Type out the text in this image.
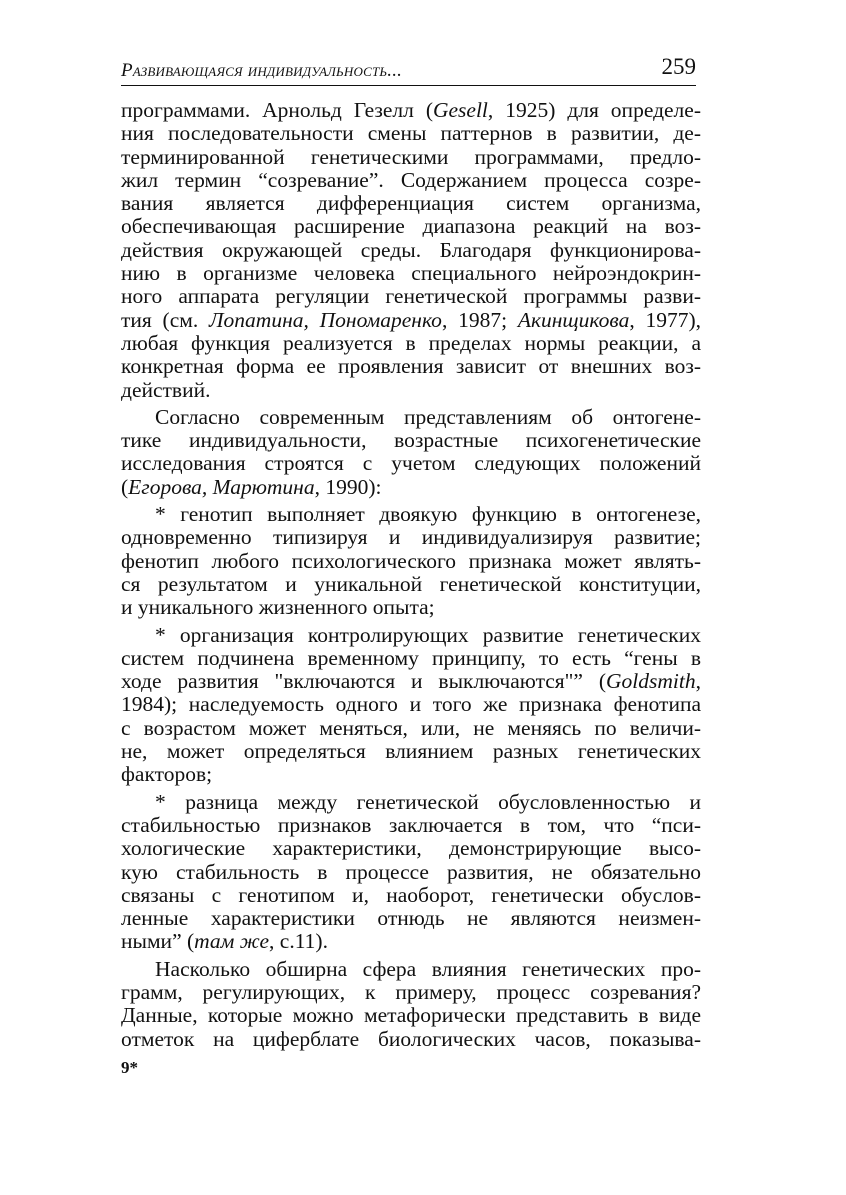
Развивающаяся индивидуальность...	259
программами. Арнольд Гезелл (Gesell, 1925) для определе-
ния последовательности смены паттернов в развитии, де-
терминированной генетическими программами, предло-
жил термин “созревание”. Содержанием процесса созре-
вания является дифференциация систем организма,
обеспечивающая расширение диапазона реакций на воз-
действия окружающей среды. Благодаря функционирова-
нию в организме человека специального нейроэндокрин-
ного аппарата регуляции генетической программы разви-
тия (см. Лопатина, Пономаренко, 1987; Акинщикова, 1977),
любая функция реализуется в пределах нормы реакции, а
конкретная форма ее проявления зависит от внешних воз-
действий.
Согласно современным представлениям об онтогене-
тике индивидуальности, возрастные психогенетические
исследования строятся с учетом следующих положений
(Егорова, Марютина, 1990):
* генотип выполняет двоякую функцию в онтогенезе,
одновременно типизируя и индивидуализируя развитие;
фенотип любого психологического признака может являть-
ся результатом и уникальной генетической конституции,
и уникального жизненного опыта;
* организация контролирующих развитие генетических
систем подчинена временному принципу, то есть “гены в
ходе развития "включаются и выключаются"” (Goldsmith,
1984); наследуемость одного и того же признака фенотипа
с возрастом может меняться, или, не меняясь по величи-
не, может определяться влиянием разных генетических
факторов;
* разница между генетической обусловленностью и
стабильностью признаков заключается в том, что “пси-
хологические характеристики, демонстрирующие высо-
кую стабильность в процессе развития, не обязательно
связаны с генотипом и, наоборот, генетически обуслов-
ленные характеристики отнюдь не являются неизмен-
ными” (там же, с.11).
Насколько обширна сфера влияния генетических про-
грамм, регулирующих, к примеру, процесс созревания?
Данные, которые можно метафорически представить в виде
отметок на циферблате биологических часов, показыва-
9*
